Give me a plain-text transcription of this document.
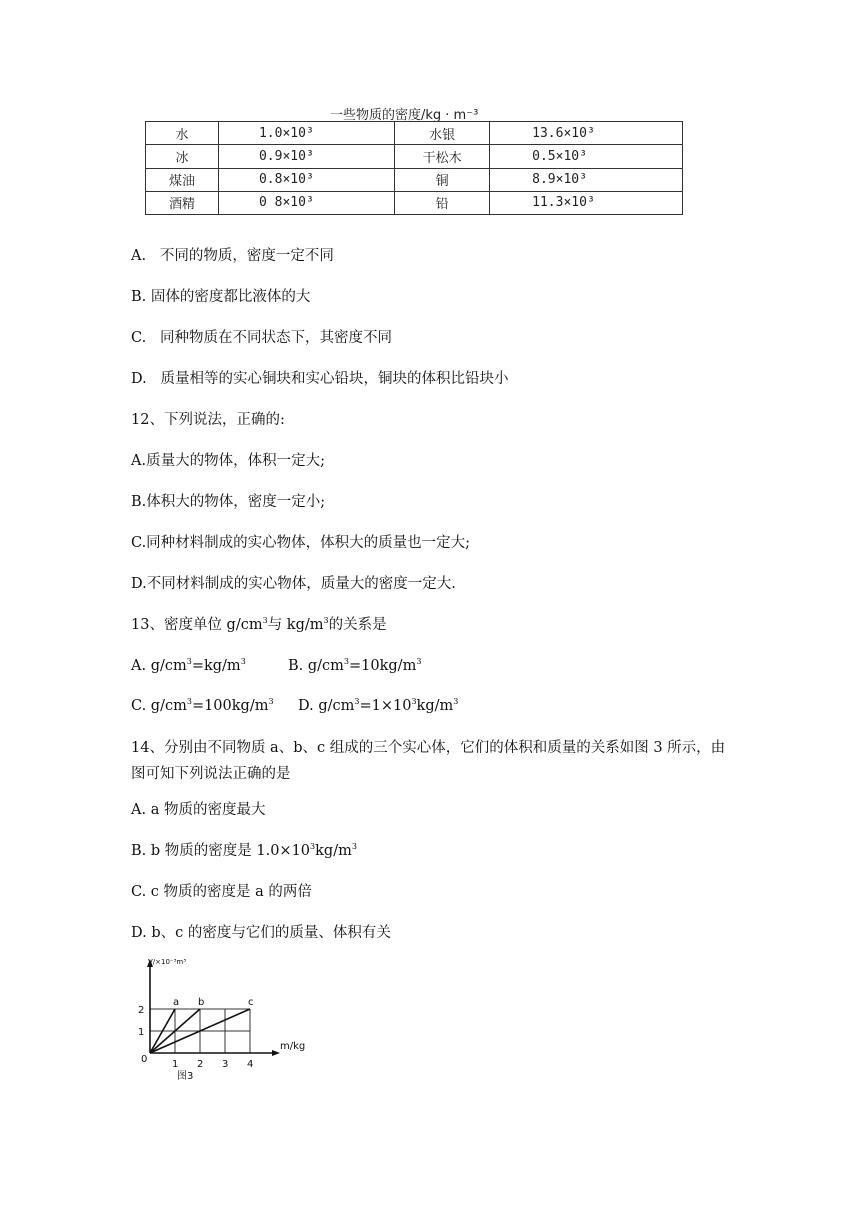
一些物质的密度/kg · m⁻³
水	1.0×10³	水银	13.6×10³
冰	0.9×10³	干松木	0.5×10³
煤油	0.8×10³	铜	8.9×10³
酒精	0 8×10³	铅	11.3×10³
A.   不同的物质，密度一定不同
B. 固体的密度都比液体的大
C.   同种物质在不同状态下，其密度不同
D.   质量相等的实心铜块和实心铅块，铜块的体积比铅块小
12、下列说法，正确的:
A.质量大的物体，体积一定大;
B.体积大的物体，密度一定小;
C.同种材料制成的实心物体，体积大的质量也一定大;
D.不同材料制成的实心物体，质量大的密度一定大.
13、密度单位 $g/cm^3$与 $kg/m^3$的关系是
A. $g/cm^3=kg/m^3$	B. $g/cm^3=10kg/m^3$
C. $g/cm^3=100kg/m^3$ D. $g/cm^3=1\times 10^3kg/m^3$
14、分别由不同物质 a、b、c 组成的三个实心体，它们的体积和质量的关系如图 3 所示，由图可知下列说法正确的是
A. a 物质的密度最大
B. b 物质的密度是 $1.0\times 10^3kg/m^3$
C. c 物质的密度是 a 的两倍
D. b、c 的密度与它们的质量、体积有关
a b	c
0 1 2 3 4
1
2
m/kg
V/×10⁻³m³
图3
